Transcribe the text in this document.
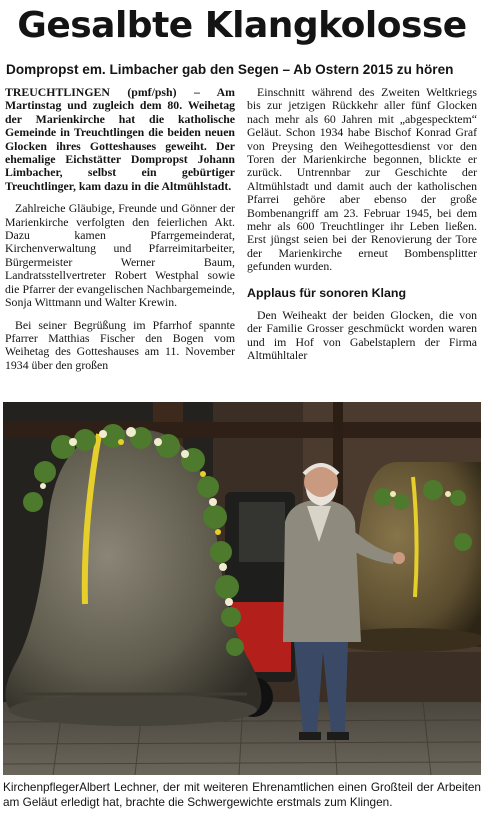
Gesalbte Klangkolosse

Dompropst em. Limbacher gab den Segen – Ab Ostern 2015 zu hören

TREUCHTLINGEN (pmf/psh) – Am Martinstag und zugleich dem 80. Weihetag der Marienkirche hat die katholische Gemeinde in Treuchtlingen die beiden neuen Glocken ihres Gotteshauses geweiht. Der ehemalige Eichstätter Dompropst Johann Limbacher, selbst ein gebürtiger Treuchtlinger, kam dazu in die Altmühlstadt.

Zahlreiche Gläubige, Freunde und Gönner der Marienkirche verfolgten den feierlichen Akt. Dazu kamen Pfarrgemeinderat, Kirchenverwaltung und Pfarreimitarbeiter, Bürgermeister Werner Baum, Landratsstellvertreter Robert Westphal sowie die Pfarrer der evangelischen Nachbargemeinde, Sonja Wittmann und Walter Krewin.

Bei seiner Begrüßung im Pfarrhof spannte Pfarrer Matthias Fischer den Bogen vom Weihetag des Gotteshauses am 11. November 1934 über den großen

Einschnitt während des Zweiten Weltkriegs bis zur jetzigen Rückkehr aller fünf Glocken nach mehr als 60 Jahren mit „abgespecktem“ Geläut. Schon 1934 habe Bischof Konrad Graf von Preysing den Weihegottesdienst vor den Toren der Marienkirche begonnen, blickte er zurück. Untrennbar zur Geschichte der Altmühlstadt und damit auch der katholischen Pfarrei gehöre aber ebenso der große Bombenangriff am 23. Februar 1945, bei dem mehr als 600 Treuchtlinger ihr Leben ließen. Erst jüngst seien bei der Renovierung der Tore der Marienkirche erneut Bombensplitter gefunden wurden.

Applaus für sonoren Klang

Den Weiheakt der beiden Glocken, die von der Familie Grosser geschmückt worden waren und im Hof von Gabelstaplern der Firma Altmühltaler

KirchenpflegerAlbert Lechner, der mit weiteren Ehrenamtlichen einen Großteil der Arbeiten am Geläut erledigt hat, brachte die Schwergewichte erstmals zum Klingen.
